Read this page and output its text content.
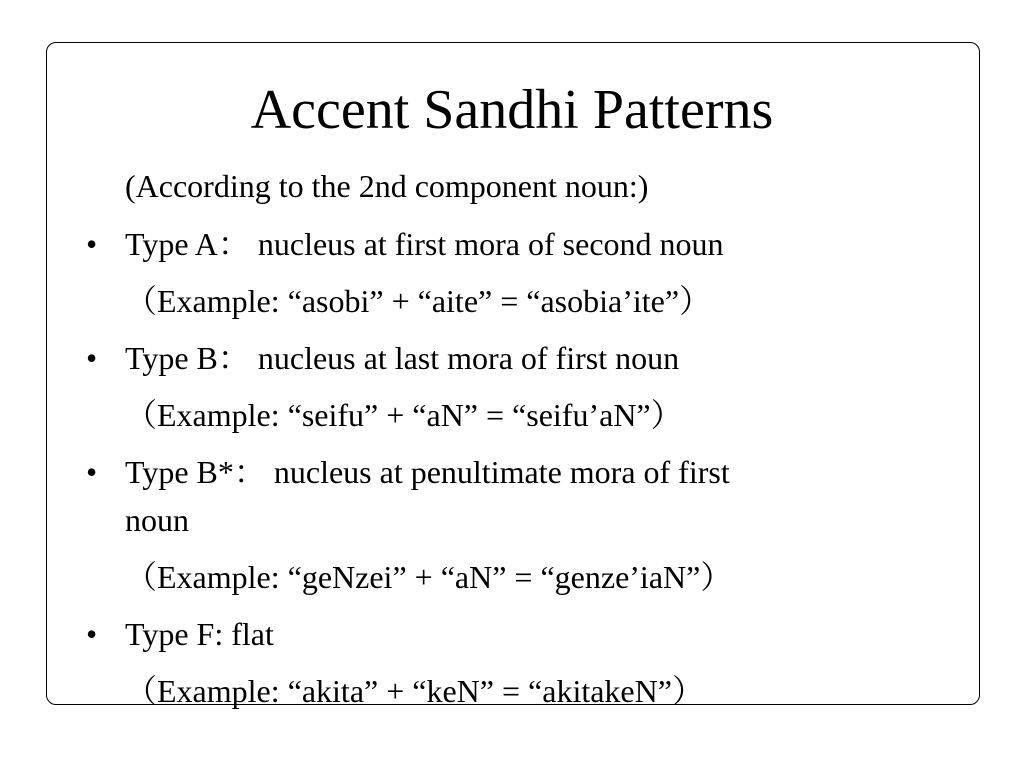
Accent Sandhi Patterns
(According to the 2nd component noun:)
• Type A： nucleus at first mora of second noun
（Example: “asobi” + “aite” = “asobia’ite”）
• Type B： nucleus at last mora of first noun
（Example: “seifu” + “aN” = “seifu’aN”）
• Type B*： nucleus at penultimate mora of first
noun
（Example: “geNzei” + “aN” = “genze’iaN”）
• Type F: flat
（Example: “akita” + “keN” = “akitakeN”）
